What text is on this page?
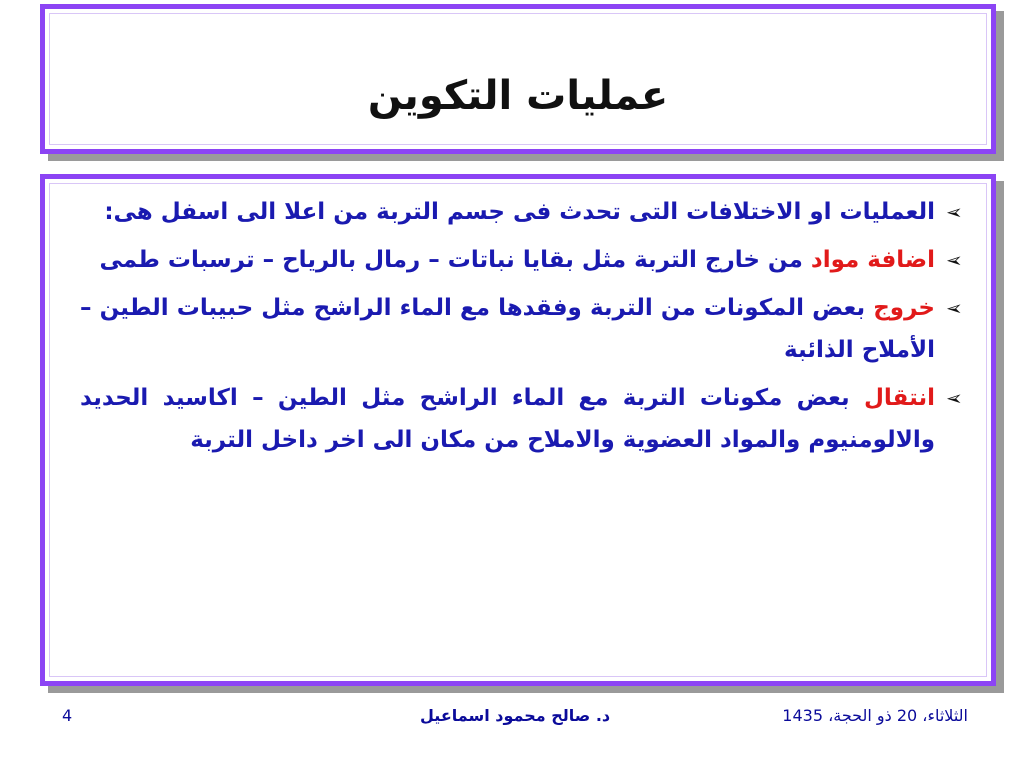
عمليات التكوين
➢
العمليات او الاختلافات التى تحدث فى جسم التربة من اعلا الى اسفل هى:
➢
اضافة مواد من خارج التربة مثل بقايا نباتات – رمال بالرياح – ترسبات طمى
➢
خروج بعض المكونات من التربة وفقدها مع الماء الراشح مثل حبيبات الطين – الأملاح الذائبة
➢
انتقال بعض مكونات التربة مع الماء الراشح مثل الطين – اكاسيد الحديد والالومنيوم والمواد العضوية والاملاح من مكان الى اخر داخل التربة
الثلاثاء، 20 ذو الحجة، 1435
د. صالح محمود اسماعيل
4
